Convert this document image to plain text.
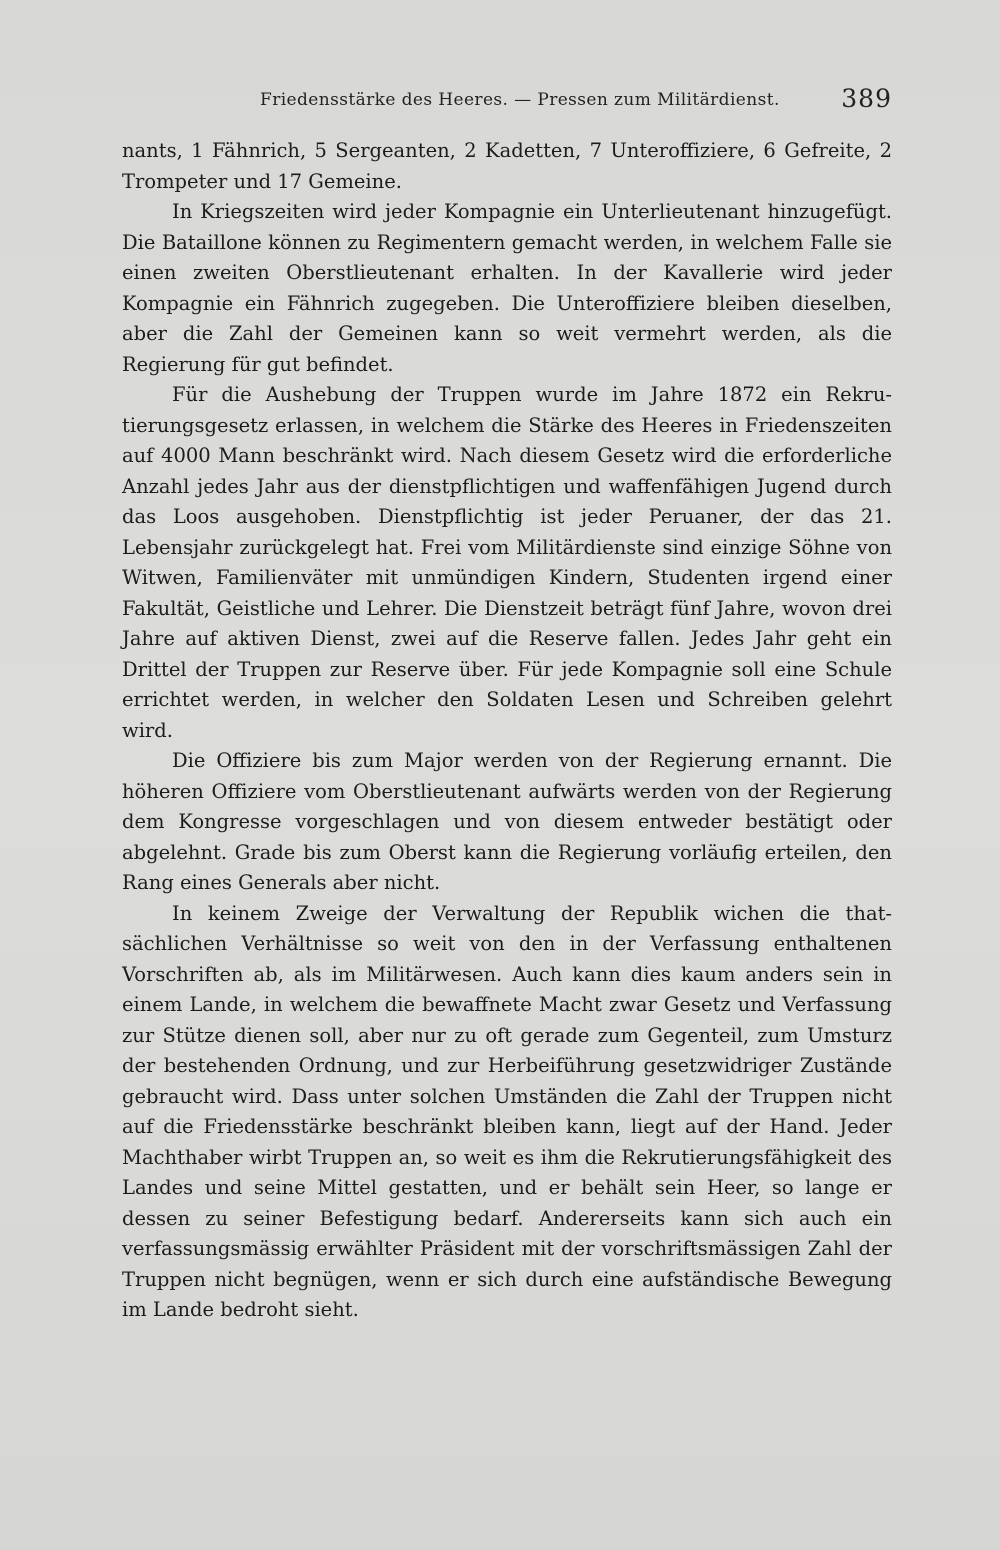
Friedensstärke des Heeres. — Pressen zum Militärdienst. 389

nants, 1 Fähnrich, 5 Sergeanten, 2 Kadetten, 7 Unteroffiziere, 6 Gefreite, 2 Trompeter und 17 Gemeine.

In Kriegszeiten wird jeder Kompagnie ein Unterlieutenant hinzugefügt. Die Bataillone können zu Regimentern gemacht werden, in welchem Falle sie einen zweiten Oberstlieutenant erhalten. In der Kavallerie wird jeder Kompagnie ein Fähnrich zugegeben. Die Unteroffiziere bleiben dieselben, aber die Zahl der Gemeinen kann so weit vermehrt werden, als die Regierung für gut befindet.

Für die Aushebung der Truppen wurde im Jahre 1872 ein Rekrutierungsgesetz erlassen, in welchem die Stärke des Heeres in Friedenszeiten auf 4000 Mann beschränkt wird. Nach diesem Gesetz wird die erforderliche Anzahl jedes Jahr aus der dienstpflichtigen und waffenfähigen Jugend durch das Loos ausgehoben. Dienstpflichtig ist jeder Peruaner, der das 21. Lebensjahr zurückgelegt hat. Frei vom Militärdienste sind einzige Söhne von Witwen, Familienväter mit unmündigen Kindern, Studenten irgend einer Fakultät, Geistliche und Lehrer. Die Dienstzeit beträgt fünf Jahre, wovon drei Jahre auf aktiven Dienst, zwei auf die Reserve fallen. Jedes Jahr geht ein Drittel der Truppen zur Reserve über. Für jede Kompagnie soll eine Schule errichtet werden, in welcher den Soldaten Lesen und Schreiben gelehrt wird.

Die Offiziere bis zum Major werden von der Regierung ernannt. Die höheren Offiziere vom Oberstlieutenant aufwärts werden von der Regierung dem Kongresse vorgeschlagen und von diesem entweder bestätigt oder abgelehnt. Grade bis zum Oberst kann die Regierung vorläufig erteilen, den Rang eines Generals aber nicht.

In keinem Zweige der Verwaltung der Republik wichen die thatsächlichen Verhältnisse so weit von den in der Verfassung enthaltenen Vorschriften ab, als im Militärwesen. Auch kann dies kaum anders sein in einem Lande, in welchem die bewaffnete Macht zwar Gesetz und Verfassung zur Stütze dienen soll, aber nur zu oft gerade zum Gegenteil, zum Umsturz der bestehenden Ordnung, und zur Herbeiführung gesetzwidriger Zustände gebraucht wird. Dass unter solchen Umständen die Zahl der Truppen nicht auf die Friedensstärke beschränkt bleiben kann, liegt auf der Hand. Jeder Machthaber wirbt Truppen an, so weit es ihm die Rekrutierungsfähigkeit des Landes und seine Mittel gestatten, und er behält sein Heer, so lange er dessen zu seiner Befestigung bedarf. Andererseits kann sich auch ein verfassungsmässig erwählter Präsident mit der vorschriftsmässigen Zahl der Truppen nicht begnügen, wenn er sich durch eine aufständische Bewegung im Lande bedroht sieht.
